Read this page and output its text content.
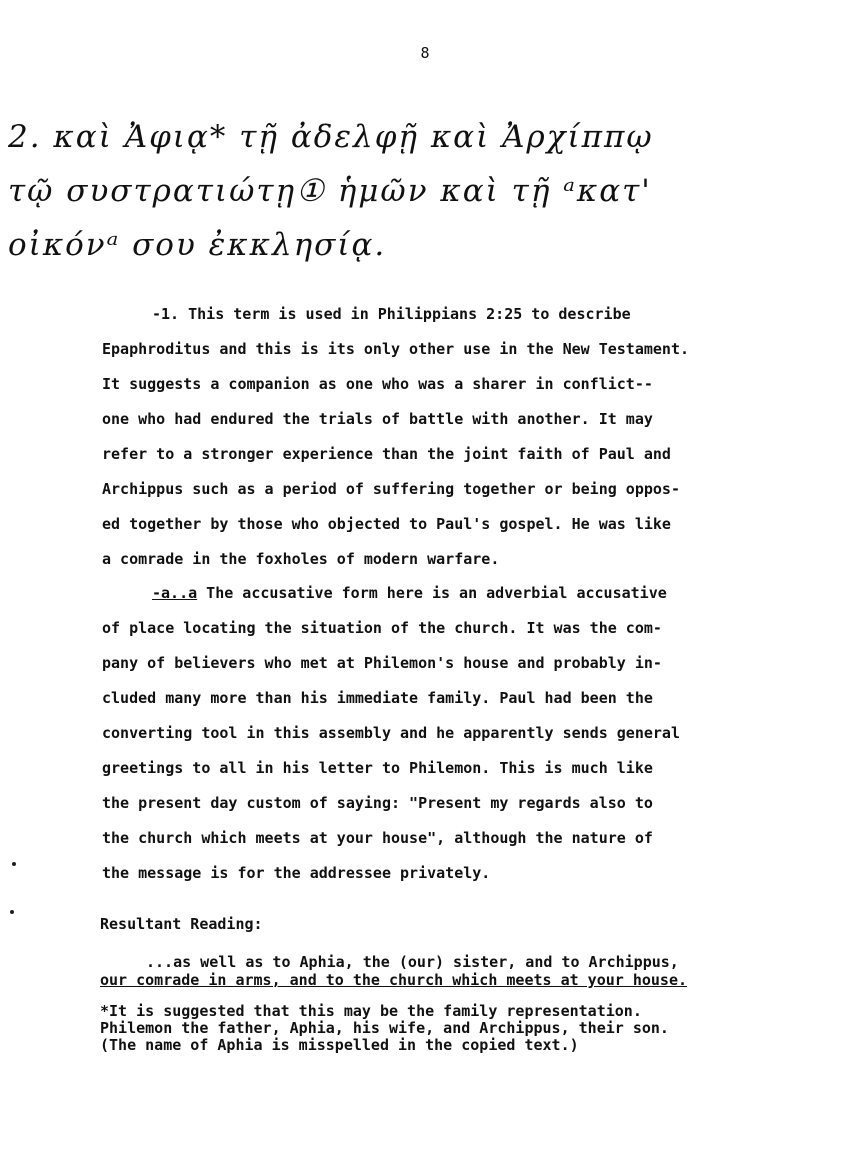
8
2. καὶ Ἀφιᾳ* τῇ ἀδελφῇ καὶ Ἀρχίππῳ
τῷ συστρατιώτῃ① ἡμῶν καὶ τῇ ᵃκατ'
οἰκόνᵃ σου ἐκκλησίᾳ.
-1. This term is used in Philippians 2:25 to describe
Epaphroditus and this is its only other use in the New Testament.
It suggests a companion as one who was a sharer in conflict--
one who had endured the trials of battle with another. It may
refer to a stronger experience than the joint faith of Paul and
Archippus such as a period of suffering together or being oppos-
ed together by those who objected to Paul's gospel. He was like
a comrade in the foxholes of modern warfare.
-a..a The accusative form here is an adverbial accusative
of place locating the situation of the church. It was the com-
pany of believers who met at Philemon's house and probably in-
cluded many more than his immediate family. Paul had been the
converting tool in this assembly and he apparently sends general
greetings to all in his letter to Philemon. This is much like
the present day custom of saying: "Present my regards also to
the church which meets at your house", although the nature of
the message is for the addressee privately.
Resultant Reading:
...as well as to Aphia, the (our) sister, and to Archippus,
our comrade in arms, and to the church which meets at your house.
*It is suggested that this may be the family representation.
Philemon the father, Aphia, his wife, and Archippus, their son.
(The name of Aphia is misspelled in the copied text.)
